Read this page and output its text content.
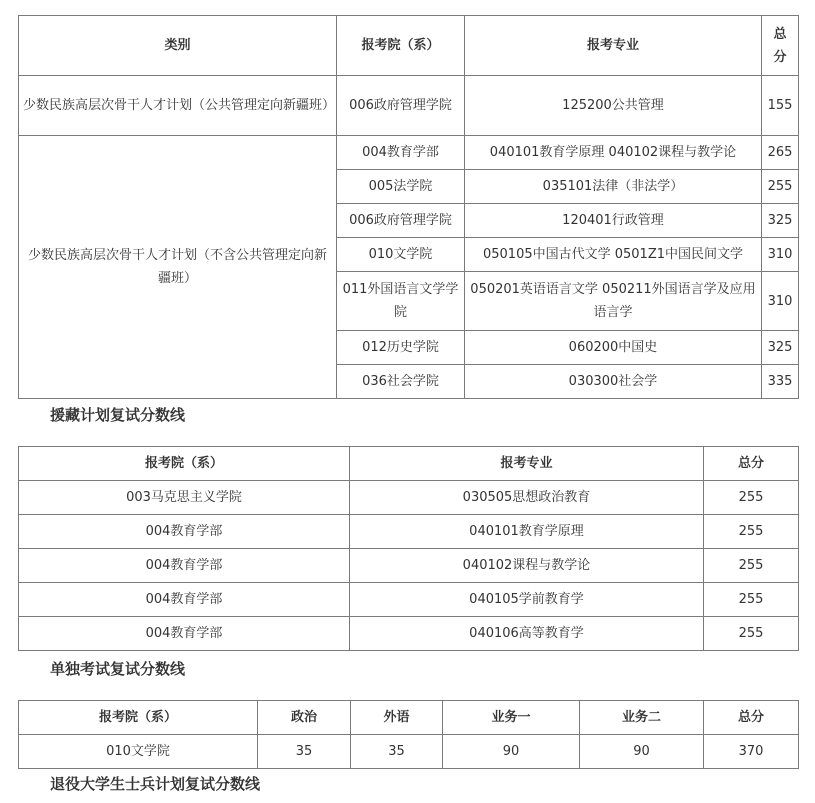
类别	报考院（系）	报考专业	总分
少数民族高层次骨干人才计划（公共管理定向新疆班）	006政府管理学院	125200公共管理	155
少数民族高层次骨干人才计划（不含公共管理定向新疆班）	004教育学部	040101教育学原理 040102课程与教学论	265
	005法学院	035101法律（非法学）	255
	006政府管理学院	120401行政管理	325
	010文学院	050105中国古代文学 0501Z1中国民间文学	310
	011外国语言文学学院	050201英语语言文学 050211外国语言学及应用语言学	310
	012历史学院	060200中国史	325
	036社会学院	030300社会学	335

援藏计划复试分数线

报考院（系）	报考专业	总分
003马克思主义学院	030505思想政治教育	255
004教育学部	040101教育学原理	255
004教育学部	040102课程与教学论	255
004教育学部	040105学前教育学	255
004教育学部	040106高等教育学	255

单独考试复试分数线

报考院（系）	政治	外语	业务一	业务二	总分
010文学院	35	35	90	90	370

退役大学生士兵计划复试分数线
